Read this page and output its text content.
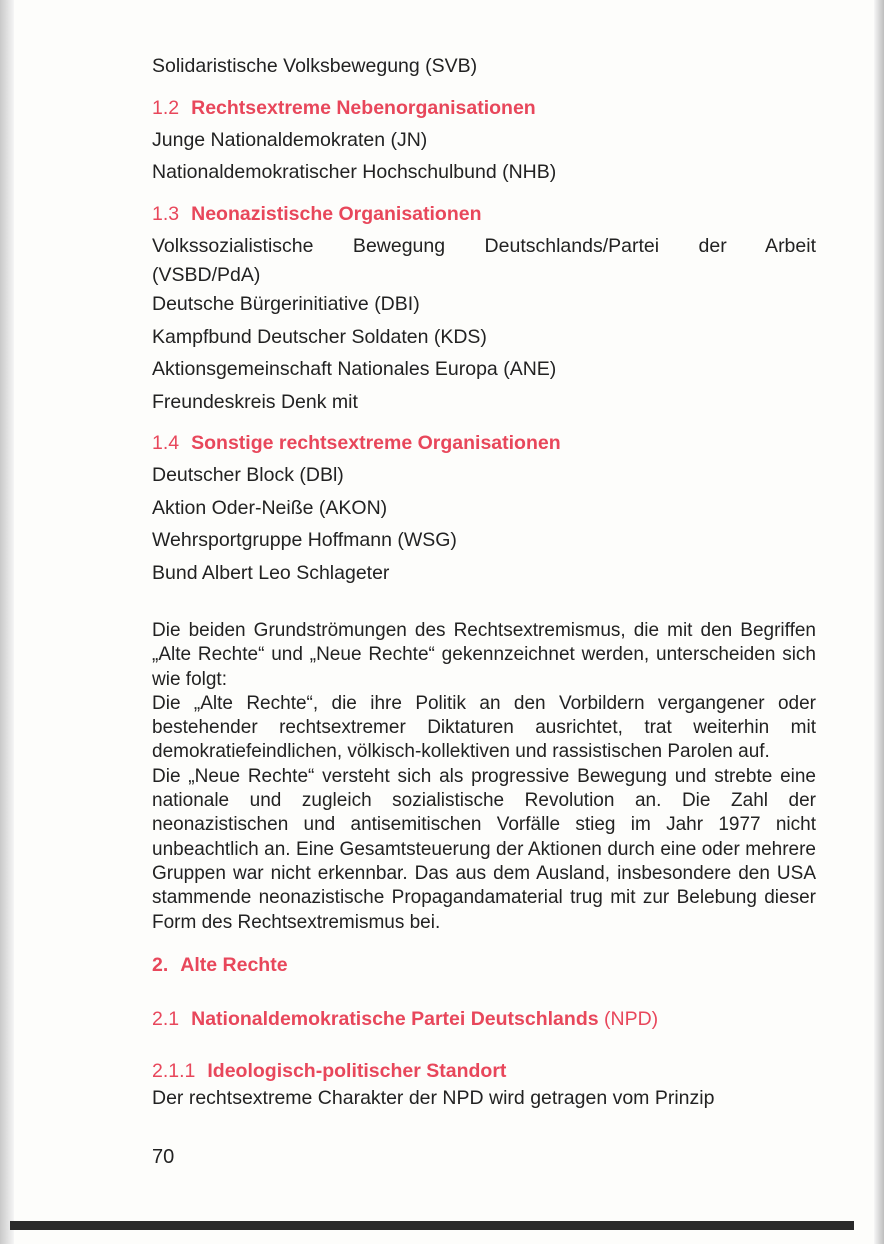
Solidaristische Volksbewegung (SVB)
1.2 Rechtsextreme Nebenorganisationen
Junge Nationaldemokraten (JN)
Nationaldemokratischer Hochschulbund (NHB)
1.3 Neonazistische Organisationen
Volkssozialistische Bewegung Deutschlands/Partei der Arbeit
(VSBD/PdA)
Deutsche Bürgerinitiative (DBI)
Kampfbund Deutscher Soldaten (KDS)
Aktionsgemeinschaft Nationales Europa (ANE)
Freundeskreis Denk mit
1.4 Sonstige rechtsextreme Organisationen
Deutscher Block (DBl)
Aktion Oder-Neiße (AKON)
Wehrsportgruppe Hoffmann (WSG)
Bund Albert Leo Schlageter

Die beiden Grundströmungen des Rechtsextremismus, die mit den Begriffen „Alte Rechte“ und „Neue Rechte“ gekennzeichnet werden, unterscheiden sich wie folgt:

Die „Alte Rechte“, die ihre Politik an den Vorbildern vergangener oder bestehender rechtsextremer Diktaturen ausrichtet, trat weiterhin mit demokratiefeindlichen, völkisch-kollektiven und rassistischen Parolen auf.

Die „Neue Rechte“ versteht sich als progressive Bewegung und strebte eine nationale und zugleich sozialistische Revolution an. Die Zahl der neonazistischen und antisemitischen Vorfälle stieg im Jahr 1977 nicht unbeachtlich an. Eine Gesamtsteuerung der Aktionen durch eine oder mehrere Gruppen war nicht erkennbar. Das aus dem Ausland, insbesondere den USA stammende neonazistische Propagandamaterial trug mit zur Belebung dieser Form des Rechtsextremismus bei.

2. Alte Rechte
2.1 Nationaldemokratische Partei Deutschlands (NPD)
2.1.1 Ideologisch-politischer Standort
Der rechtsextreme Charakter der NPD wird getragen vom Prinzip
70
